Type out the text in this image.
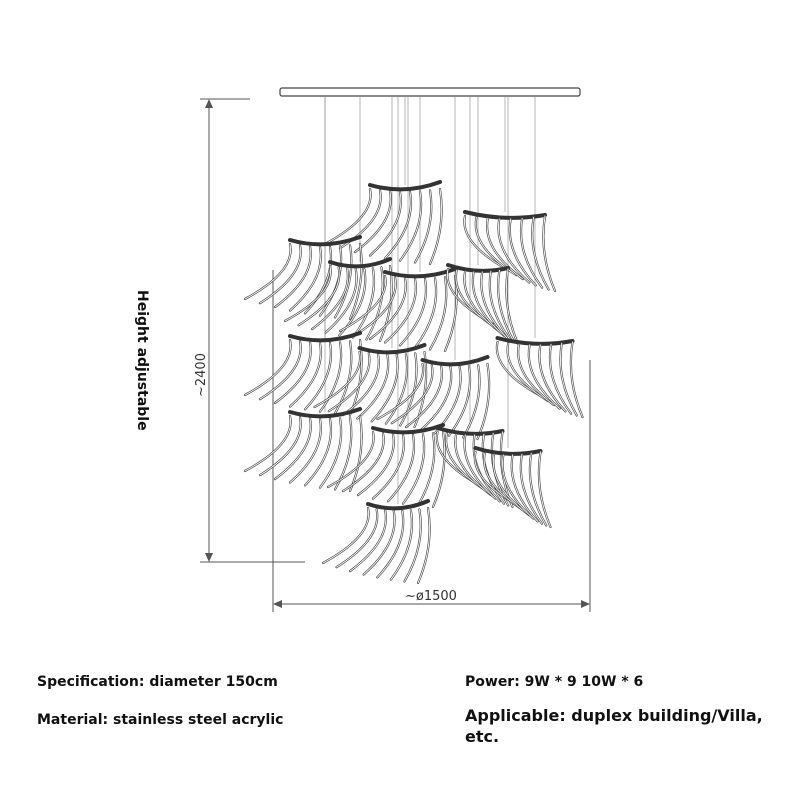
~2400
~ø1500
Height adjustable
Specification: diameter 150cm
Material: stainless steel acrylic
Power: 9W * 9 10W * 6
Applicable: duplex building/Villa, etc.
